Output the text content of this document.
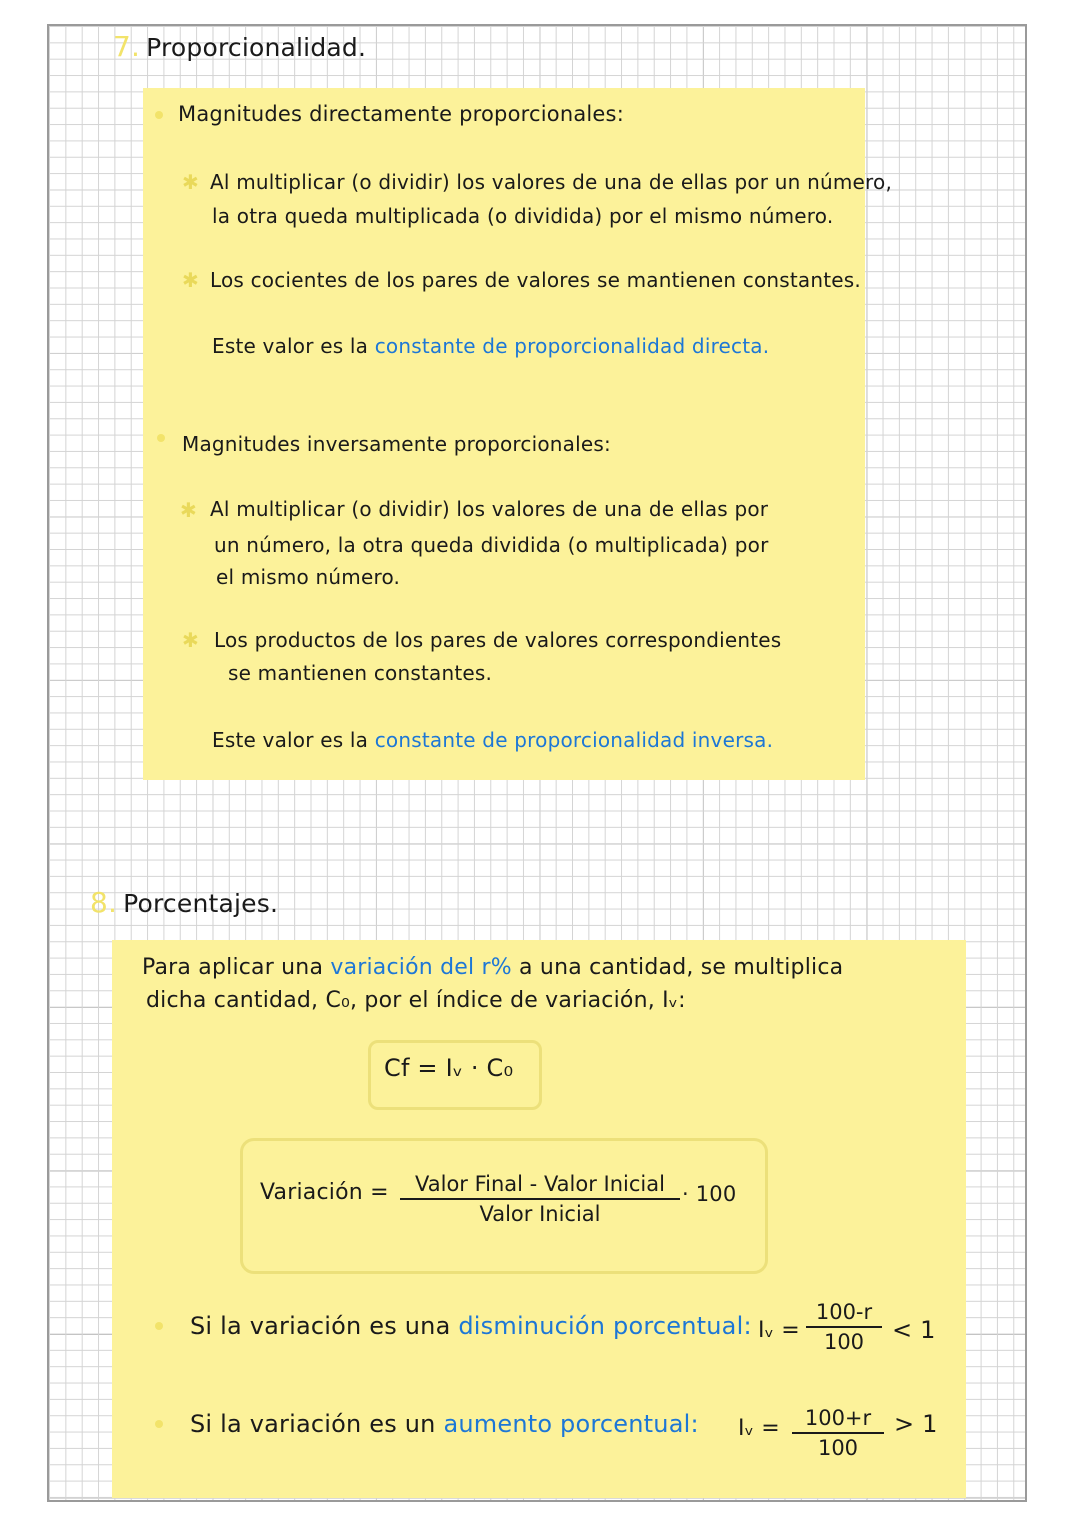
7. Proporcionalidad.
Magnitudes directamente proporcionales:
✱ Al multiplicar (o dividir) los valores de una de ellas por un número,
la otra queda multiplicada (o dividida) por el mismo número.
✱ Los cocientes de los pares de valores se mantienen constantes.
Este valor es la constante de proporcionalidad directa.
Magnitudes inversamente proporcionales:
✱ Al multiplicar (o dividir) los valores de una de ellas por
un número, la otra queda dividida (o multiplicada) por
el mismo número.
✱ Los productos de los pares de valores correspondientes
se mantienen constantes.
Este valor es la constante de proporcionalidad inversa.
8. Porcentajes.
Para aplicar una variación del r% a una cantidad, se multiplica
dicha cantidad, C₀, por el índice de variación, Iᵥ:
Cf = Iᵥ · C₀
Variación =	Valor Final - Valor Inicial
Valor Inicial
· 100
Si la variación es una disminución porcentual: Iᵥ =
100-r
100	< 1
Si la variación es un aumento porcentual: Iᵥ =	100+r
100
> 1
